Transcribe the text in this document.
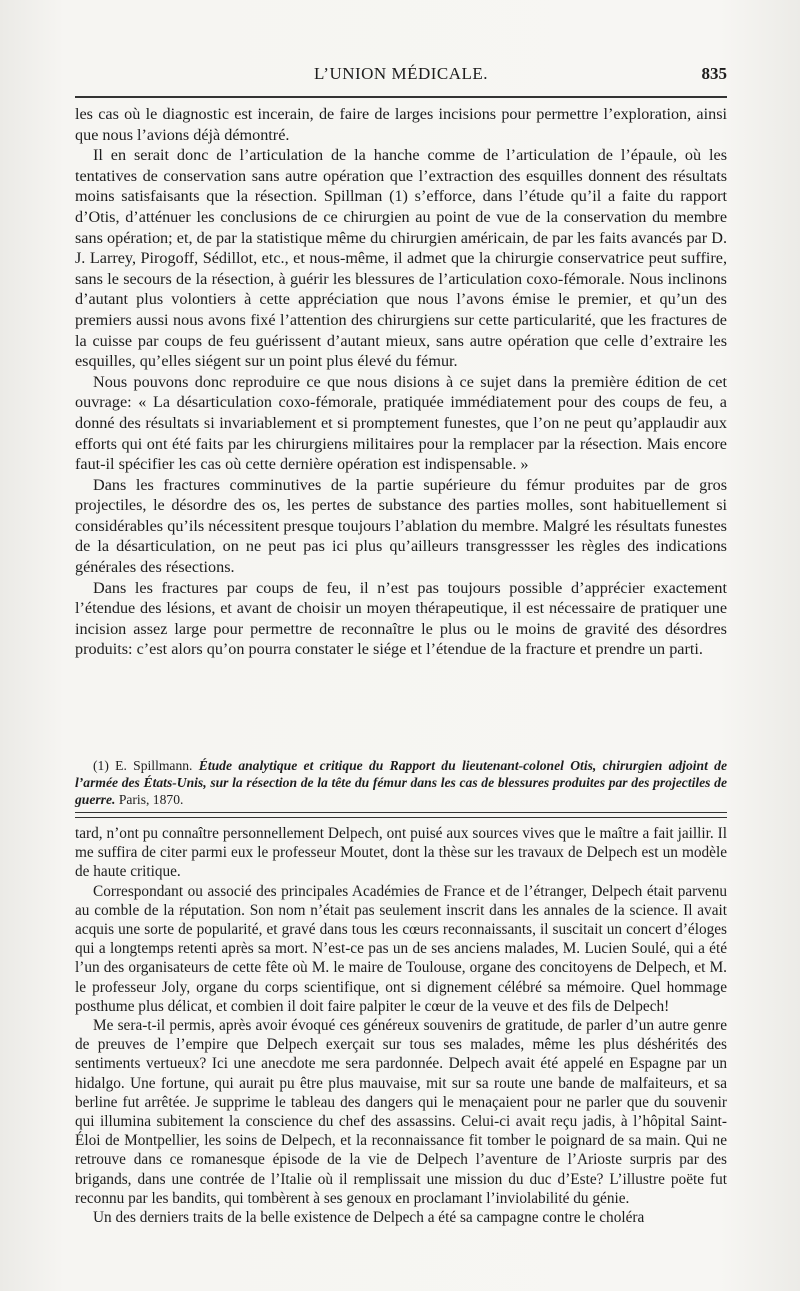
L’UNION MÉDICALE.	835

les cas où le diagnostic est incerain, de faire de larges incisions pour permettre l’exploration, ainsi que nous l’avions déjà démontré.

Il en serait donc de l’articulation de la hanche comme de l’articulation de l’épaule, où les tentatives de conservation sans autre opération que l’extraction des esquilles donnent des résultats moins satisfaisants que la résection. Spillman (1) s’efforce, dans l’étude qu’il a faite du rapport d’Otis, d’atténuer les conclusions de ce chirurgien au point de vue de la conservation du membre sans opération; et, de par la statistique même du chirurgien américain, de par les faits avancés par D. J. Larrey, Pirogoff, Sédillot, etc., et nous-même, il admet que la chirurgie conservatrice peut suffire, sans le secours de la résection, à guérir les blessures de l’articulation coxo-fémorale. Nous inclinons d’autant plus volontiers à cette appréciation que nous l’avons émise le premier, et qu’un des premiers aussi nous avons fixé l’attention des chirurgiens sur cette particularité, que les fractures de la cuisse par coups de feu guérissent d’autant mieux, sans autre opération que celle d’extraire les esquilles, qu’elles siégent sur un point plus élevé du fémur.

Nous pouvons donc reproduire ce que nous disions à ce sujet dans la première édition de cet ouvrage: « La désarticulation coxo-fémorale, pratiquée immédiatement pour des coups de feu, a donné des résultats si invariablement et si promptement funestes, que l’on ne peut qu’applaudir aux efforts qui ont été faits par les chirurgiens militaires pour la remplacer par la résection. Mais encore faut-il spécifier les cas où cette dernière opération est indispensable. »

Dans les fractures comminutives de la partie supérieure du fémur produites par de gros projectiles, le désordre des os, les pertes de substance des parties molles, sont habituellement si considérables qu’ils nécessitent presque toujours l’ablation du membre. Malgré les résultats funestes de la désarticulation, on ne peut pas ici plus qu’ailleurs transgressser les règles des indications générales des résections.

Dans les fractures par coups de feu, il n’est pas toujours possible d’apprécier exactement l’étendue des lésions, et avant de choisir un moyen thérapeutique, il est nécessaire de pratiquer une incision assez large pour permettre de reconnaître le plus ou le moins de gravité des désordres produits: c’est alors qu’on pourra constater le siége et l’étendue de la fracture et prendre un parti.

(1) E. Spillmann. Étude analytique et critique du Rapport du lieutenant-colonel Otis, chirurgien adjoint de l’armée des États-Unis, sur la résection de la tête du fémur dans les cas de blessures produites par des projectiles de guerre. Paris, 1870.

tard, n’ont pu connaître personnellement Delpech, ont puisé aux sources vives que le maître a fait jaillir. Il me suffira de citer parmi eux le professeur Moutet, dont la thèse sur les travaux de Delpech est un modèle de haute critique.

Correspondant ou associé des principales Académies de France et de l’étranger, Delpech était parvenu au comble de la réputation. Son nom n’était pas seulement inscrit dans les annales de la science. Il avait acquis une sorte de popularité, et gravé dans tous les cœurs reconnaissants, il suscitait un concert d’éloges qui a longtemps retenti après sa mort. N’est-ce pas un de ses anciens malades, M. Lucien Soulé, qui a été l’un des organisateurs de cette fête où M. le maire de Toulouse, organe des concitoyens de Delpech, et M. le professeur Joly, organe du corps scientifique, ont si dignement célébré sa mémoire. Quel hommage posthume plus délicat, et combien il doit faire palpiter le cœur de la veuve et des fils de Delpech!

Me sera-t-il permis, après avoir évoqué ces généreux souvenirs de gratitude, de parler d’un autre genre de preuves de l’empire que Delpech exerçait sur tous ses malades, même les plus déshérités des sentiments vertueux? Ici une anecdote me sera pardonnée. Delpech avait été appelé en Espagne par un hidalgo. Une fortune, qui aurait pu être plus mauvaise, mit sur sa route une bande de malfaiteurs, et sa berline fut arrêtée. Je supprime le tableau des dangers qui le menaçaient pour ne parler que du souvenir qui illumina subitement la conscience du chef des assassins. Celui-ci avait reçu jadis, à l’hôpital Saint-Éloi de Montpellier, les soins de Delpech, et la reconnaissance fit tomber le poignard de sa main. Qui ne retrouve dans ce romanesque épisode de la vie de Delpech l’aventure de l’Arioste surpris par des brigands, dans une contrée de l’Italie où il remplissait une mission du duc d’Este? L’illustre poëte fut reconnu par les bandits, qui tombèrent à ses genoux en proclamant l’inviolabilité du génie.

Un des derniers traits de la belle existence de Delpech a été sa campagne contre le choléra
